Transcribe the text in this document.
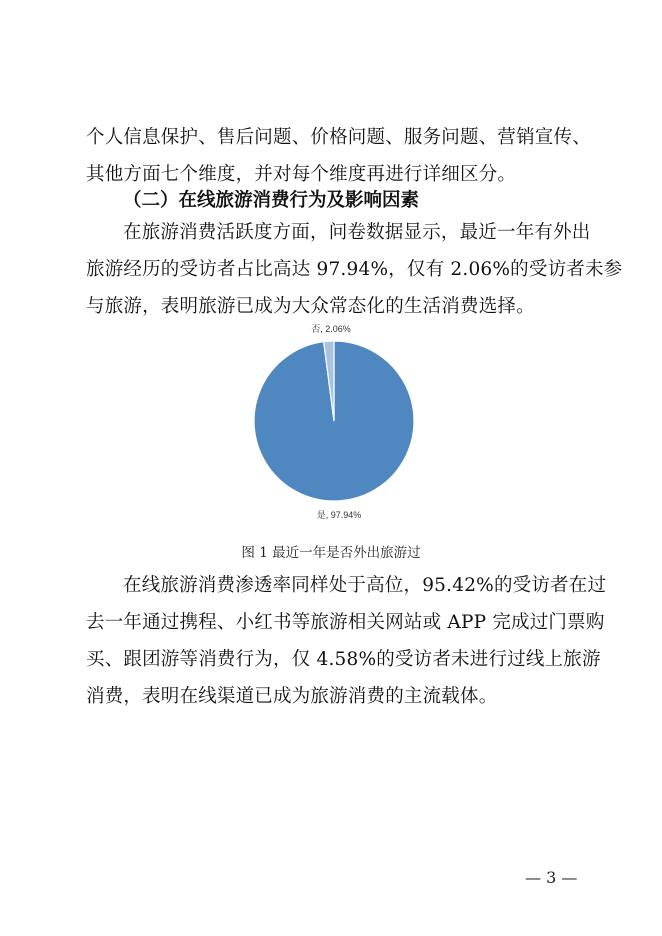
个人信息保护、售后问题、价格问题、服务问题、营销宣传、
其他方面七个维度，并对每个维度再进行详细区分。
（二）在线旅游消费行为及影响因素
在旅游消费活跃度方面，问卷数据显示，最近一年有外出
旅游经历的受访者占比高达 97.94%，仅有 2.06%的受访者未参
与旅游，表明旅游已成为大众常态化的生活消费选择。
否, 2.06%
是, 97.94%
图 1 最近一年是否外出旅游过
在线旅游消费渗透率同样处于高位，95.42%的受访者在过
去一年通过携程、小红书等旅游相关网站或 APP 完成过门票购
买、跟团游等消费行为，仅 4.58%的受访者未进行过线上旅游
消费，表明在线渠道已成为旅游消费的主流载体。
— 3 —
